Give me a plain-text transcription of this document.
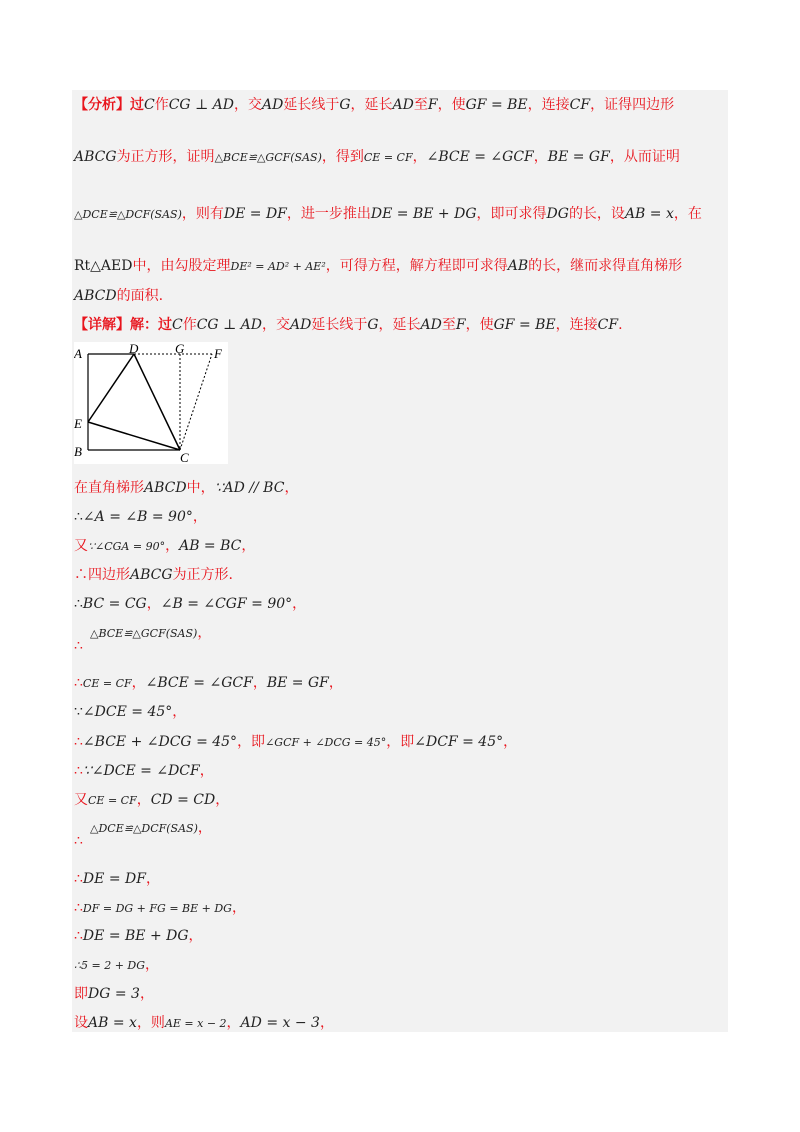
【分析】过C作CG ⊥ AD，交AD延长线于G，延长AD至F，使GF = BE，连接CF，证得四边形
ABCG为正方形，证明△BCE≌△GCF(SAS)，得到CE = CF，∠BCE = ∠GCF，BE = GF，从而证明
△DCE≌△DCF(SAS)，则有DE = DF，进一步推出DE = BE + DG，即可求得DG的长，设AB = x，在
Rt△AED中，由勾股定理DE² = AD² + AE²，可得方程，解方程即可求得AB的长，继而求得直角梯形
ABCD的面积.
【详解】解：过C作CG ⊥ AD，交AD延长线于G，延长AD至F，使GF = BE，连接CF.
A	D	G F
E
B	C
在直角梯形ABCD中，∵AD // BC，
∴∠A = ∠B = 90°，
又∵∠CGA = 90°，AB = BC，
∴四边形ABCG为正方形.
∴BC = CG，∠B = ∠CGF = 90°，
△BCE≌△GCF(SAS)，
∴
∴CE = CF，∠BCE = ∠GCF，BE = GF，
∵∠DCE = 45°，
∴∠BCE + ∠DCG = 45°，即∠GCF + ∠DCG = 45°，即∠DCF = 45°，
∴∵∠DCE = ∠DCF，
又CE = CF，CD = CD，
△DCE≌△DCF(SAS)，
∴
∴DE = DF，
∴DF = DG + FG = BE + DG，
∴DE = BE + DG，
∴5 = 2 + DG，
即DG = 3，
设AB = x，则AE = x − 2，AD = x − 3，
